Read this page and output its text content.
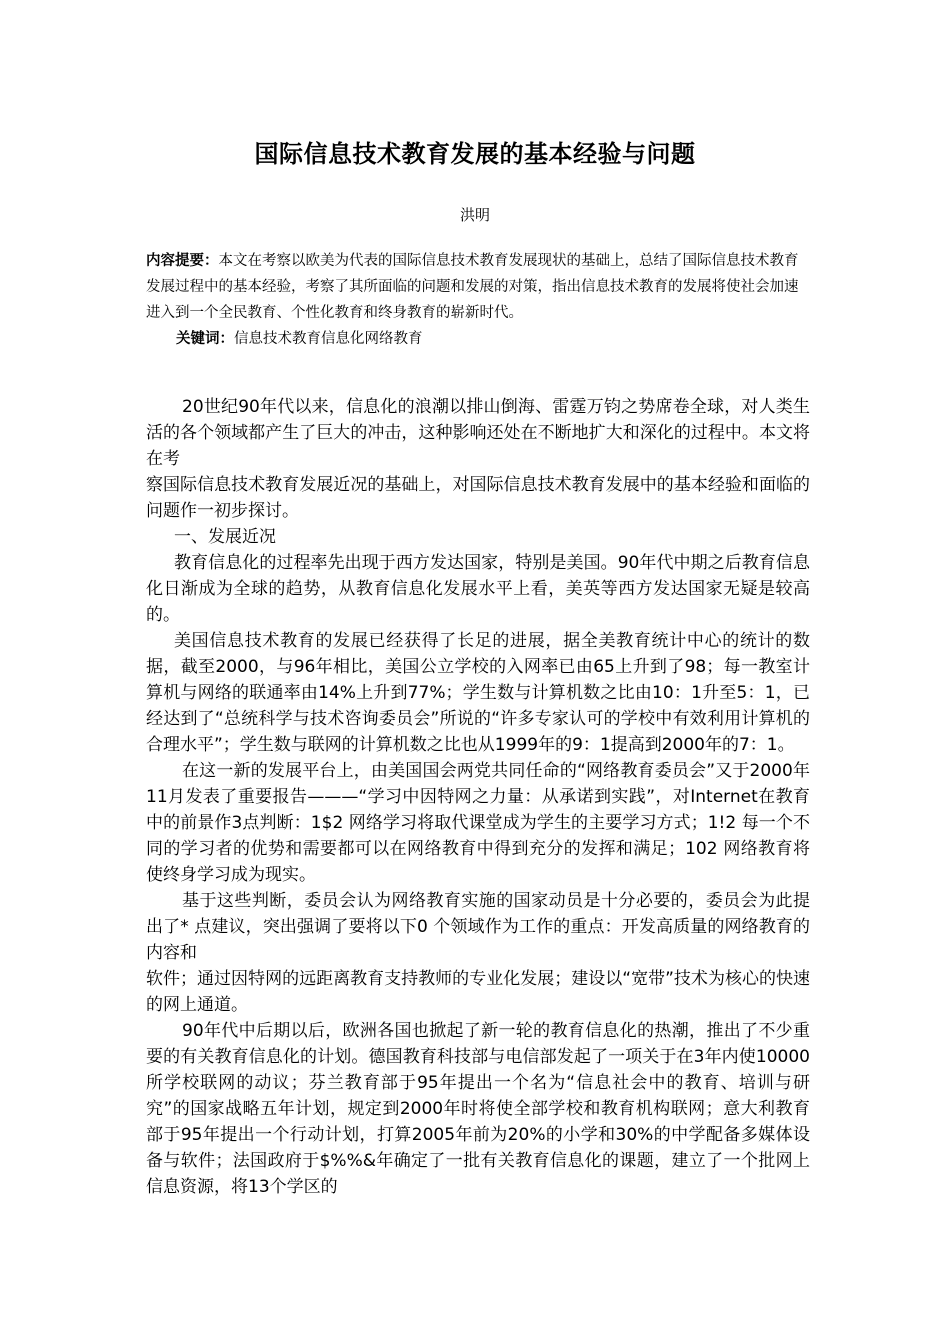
国际信息技术教育发展的基本经验与问题
洪明
内容提要：本文在考察以欧美为代表的国际信息技术教育发展现状的基础上，总结了国际信息技术教育发展过程中的基本经验，考察了其所面临的问题和发展的对策，指出信息技术教育的发展将使社会加速进入到一个全民教育、个性化教育和终身教育的崭新时代。
关键词：信息技术教育信息化网络教育

20世纪90年代以来，信息化的浪潮以排山倒海、雷霆万钧之势席卷全球，对人类生活的各个领域都产生了巨大的冲击，这种影响还处在不断地扩大和深化的过程中。本文将在考

察国际信息技术教育发展近况的基础上，对国际信息技术教育发展中的基本经验和面临的问题作一初步探讨。

一、发展近况

教育信息化的过程率先出现于西方发达国家，特别是美国。90年代中期之后教育信息化日渐成为全球的趋势，从教育信息化发展水平上看，美英等西方发达国家无疑是较高的。

美国信息技术教育的发展已经获得了长足的进展，据全美教育统计中心的统计的数据，截至2000，与96年相比，美国公立学校的入网率已由65上升到了98；每一教室计算机与网络的联通率由14%上升到77%；学生数与计算机数之比由10：1升至5：1，已经达到了“总统科学与技术咨询委员会”所说的“许多专家认可的学校中有效利用计算机的合理水平”；学生数与联网的计算机数之比也从1999年的9：1提高到2000年的7：1。

在这一新的发展平台上，由美国国会两党共同任命的“网络教育委员会”又于2000年11月发表了重要报告———“学习中因特网之力量：从承诺到实践”，对Internet在教育中的前景作3点判断：1$2 网络学习将取代课堂成为学生的主要学习方式；1!2 每一个不同的学习者的优势和需要都可以在网络教育中得到充分的发挥和满足；102 网络教育将使终身学习成为现实。

基于这些判断，委员会认为网络教育实施的国家动员是十分必要的，委员会为此提出了* 点建议，突出强调了要将以下0 个领域作为工作的重点：开发高质量的网络教育的内容和

软件；通过因特网的远距离教育支持教师的专业化发展；建设以“宽带”技术为核心的快速的网上通道。

90年代中后期以后，欧洲各国也掀起了新一轮的教育信息化的热潮，推出了不少重要的有关教育信息化的计划。德国教育科技部与电信部发起了一项关于在3年内使10000所学校联网的动议；芬兰教育部于95年提出一个名为“信息社会中的教育、培训与研究”的国家战略五年计划，规定到2000年时将使全部学校和教育机构联网；意大利教育部于95年提出一个行动计划，打算2005年前为20%的小学和30%的中学配备多媒体设备与软件；法国政府于$%%&年确定了一批有关教育信息化的课题，建立了一个批网上信息资源，将13个学区的
